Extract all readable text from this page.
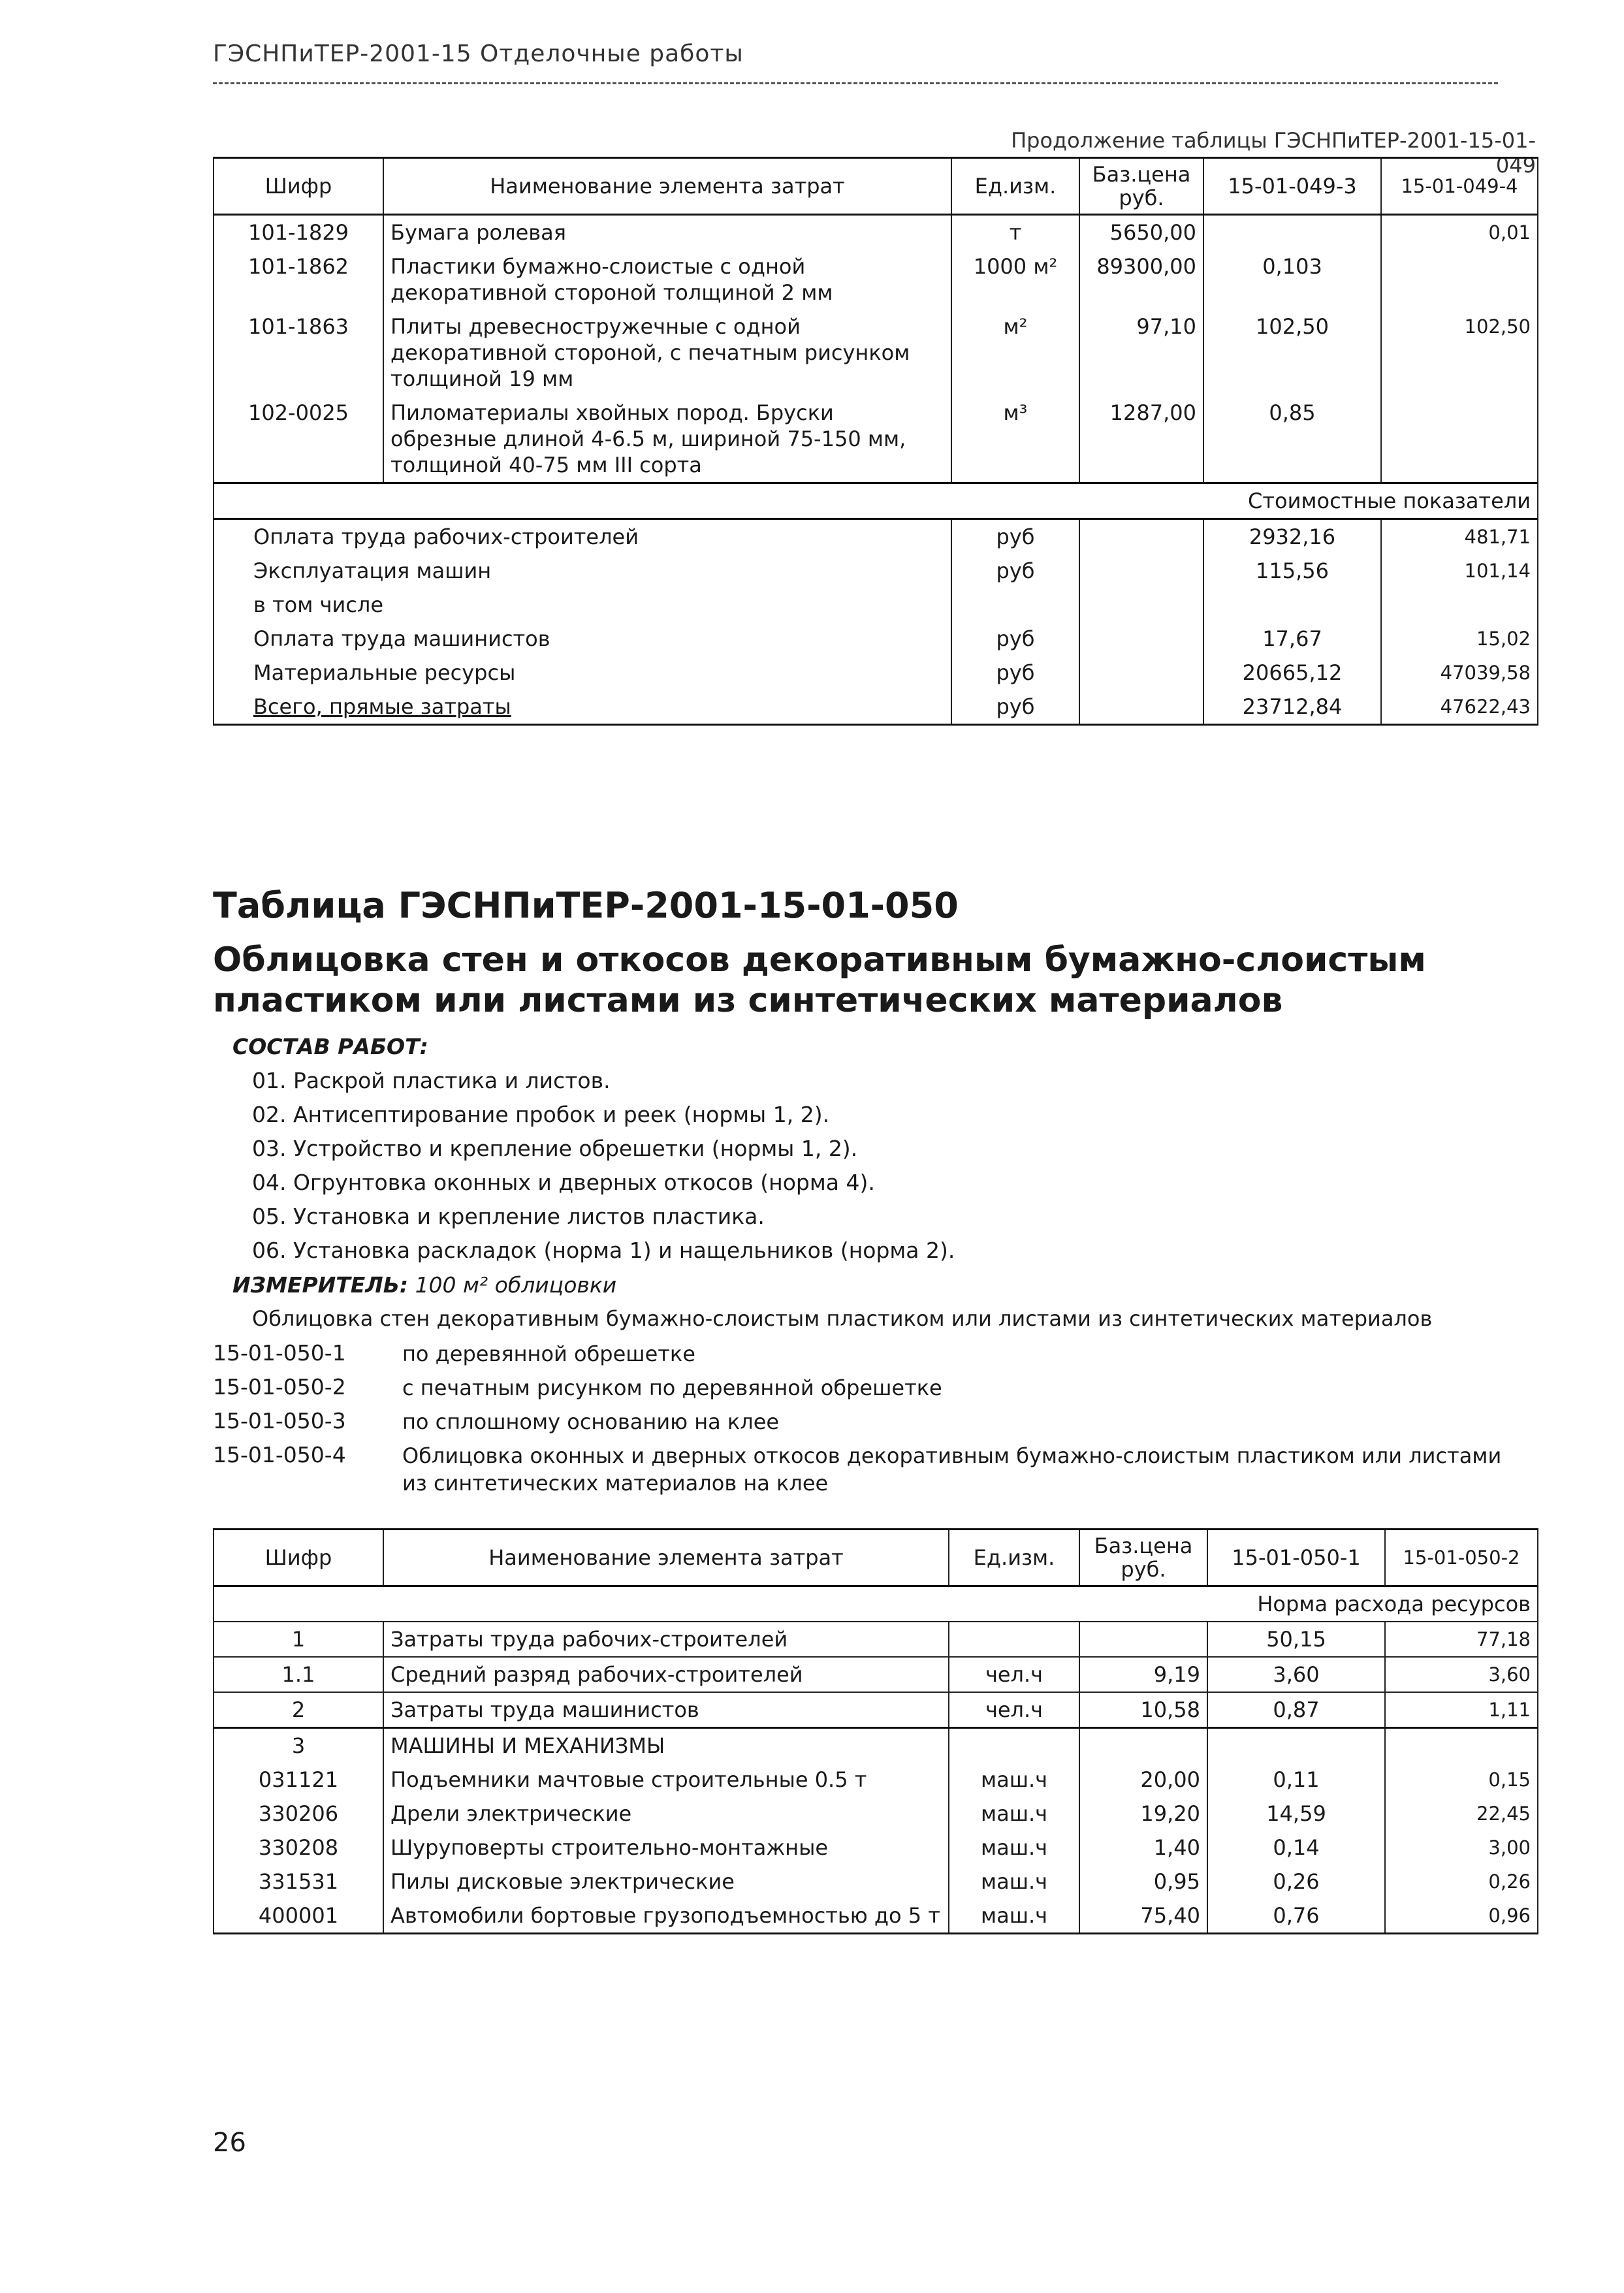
ГЭСНПиТЕР-2001-15 Отделочные работы
Продолжение таблицы ГЭСНПиТЕР-2001-15-01-049
Шифр	Наименование элемента затрат	Ед.изм.	Баз.цена руб.	15-01-049-3	15-01-049-4
101-1829	Бумага ролевая	т	5650,00		0,01
101-1862	Пластики бумажно-слоистые с одной декоративной стороной толщиной 2 мм	1000 м²	89300,00	0,103	
101-1863	Плиты древесностружечные с одной декоративной стороной, с печатным рисунком толщиной 19 мм	м²	97,10	102,50	102,50
102-0025	Пиломатериалы хвойных пород. Бруски обрезные длиной 4-6.5 м, шириной 75-150 мм, толщиной 40-75 мм III сорта	м³	1287,00	0,85	
Стоимостные показатели					
Оплата труда рабочих-строителей		руб		2932,16	481,71
Эксплуатация машин		руб		115,56	101,14
в том числе					
Оплата труда машинистов		руб		17,67	15,02
Материальные ресурсы		руб		20665,12	47039,58
Всего, прямые затраты		руб		23712,84	47622,43
Таблица ГЭСНПиТЕР-2001-15-01-050
Облицовка стен и откосов декоративным бумажно-слоистым
пластиком или листами из синтетических материалов
СОСТАВ РАБОТ:
01. Раскрой пластика и листов.
02. Антисептирование пробок и реек (нормы 1, 2).
03. Устройство и крепление обрешетки (нормы 1, 2).
04. Огрунтовка оконных и дверных откосов (норма 4).
05. Установка и крепление листов пластика.
06. Установка раскладок (норма 1) и нащельников (норма 2).
ИЗМЕРИТЕЛЬ: 100 м² облицовки
Облицовка стен декоративным бумажно-слоистым пластиком или листами из синтетических материалов
15-01-050-1	по деревянной обрешетке
15-01-050-2	с печатным рисунком по деревянной обрешетке
15-01-050-3	по сплошному основанию на клее
15-01-050-4	Облицовка оконных и дверных откосов декоративным бумажно-слоистым пластиком или листами из синтетических материалов на клее
Шифр	Наименование элемента затрат	Ед.изм.	Баз.цена руб.	15-01-050-1	15-01-050-2
Норма расхода ресурсов					
1	Затраты труда рабочих-строителей			50,15	77,18
1.1	Средний разряд рабочих-строителей	чел.ч	9,19	3,60	3,60
2	Затраты труда машинистов	чел.ч	10,58	0,87	1,11
3	МАШИНЫ И МЕХАНИЗМЫ				
031121	Подъемники мачтовые строительные 0.5 т	маш.ч	20,00	0,11	0,15
330206	Дрели электрические	маш.ч	19,20	14,59	22,45
330208	Шуруповерты строительно-монтажные	маш.ч	1,40	0,14	3,00
331531	Пилы дисковые электрические	маш.ч	0,95	0,26	0,26
400001	Автомобили бортовые грузоподъемностью до 5 т	маш.ч	75,40	0,76	0,96
26
